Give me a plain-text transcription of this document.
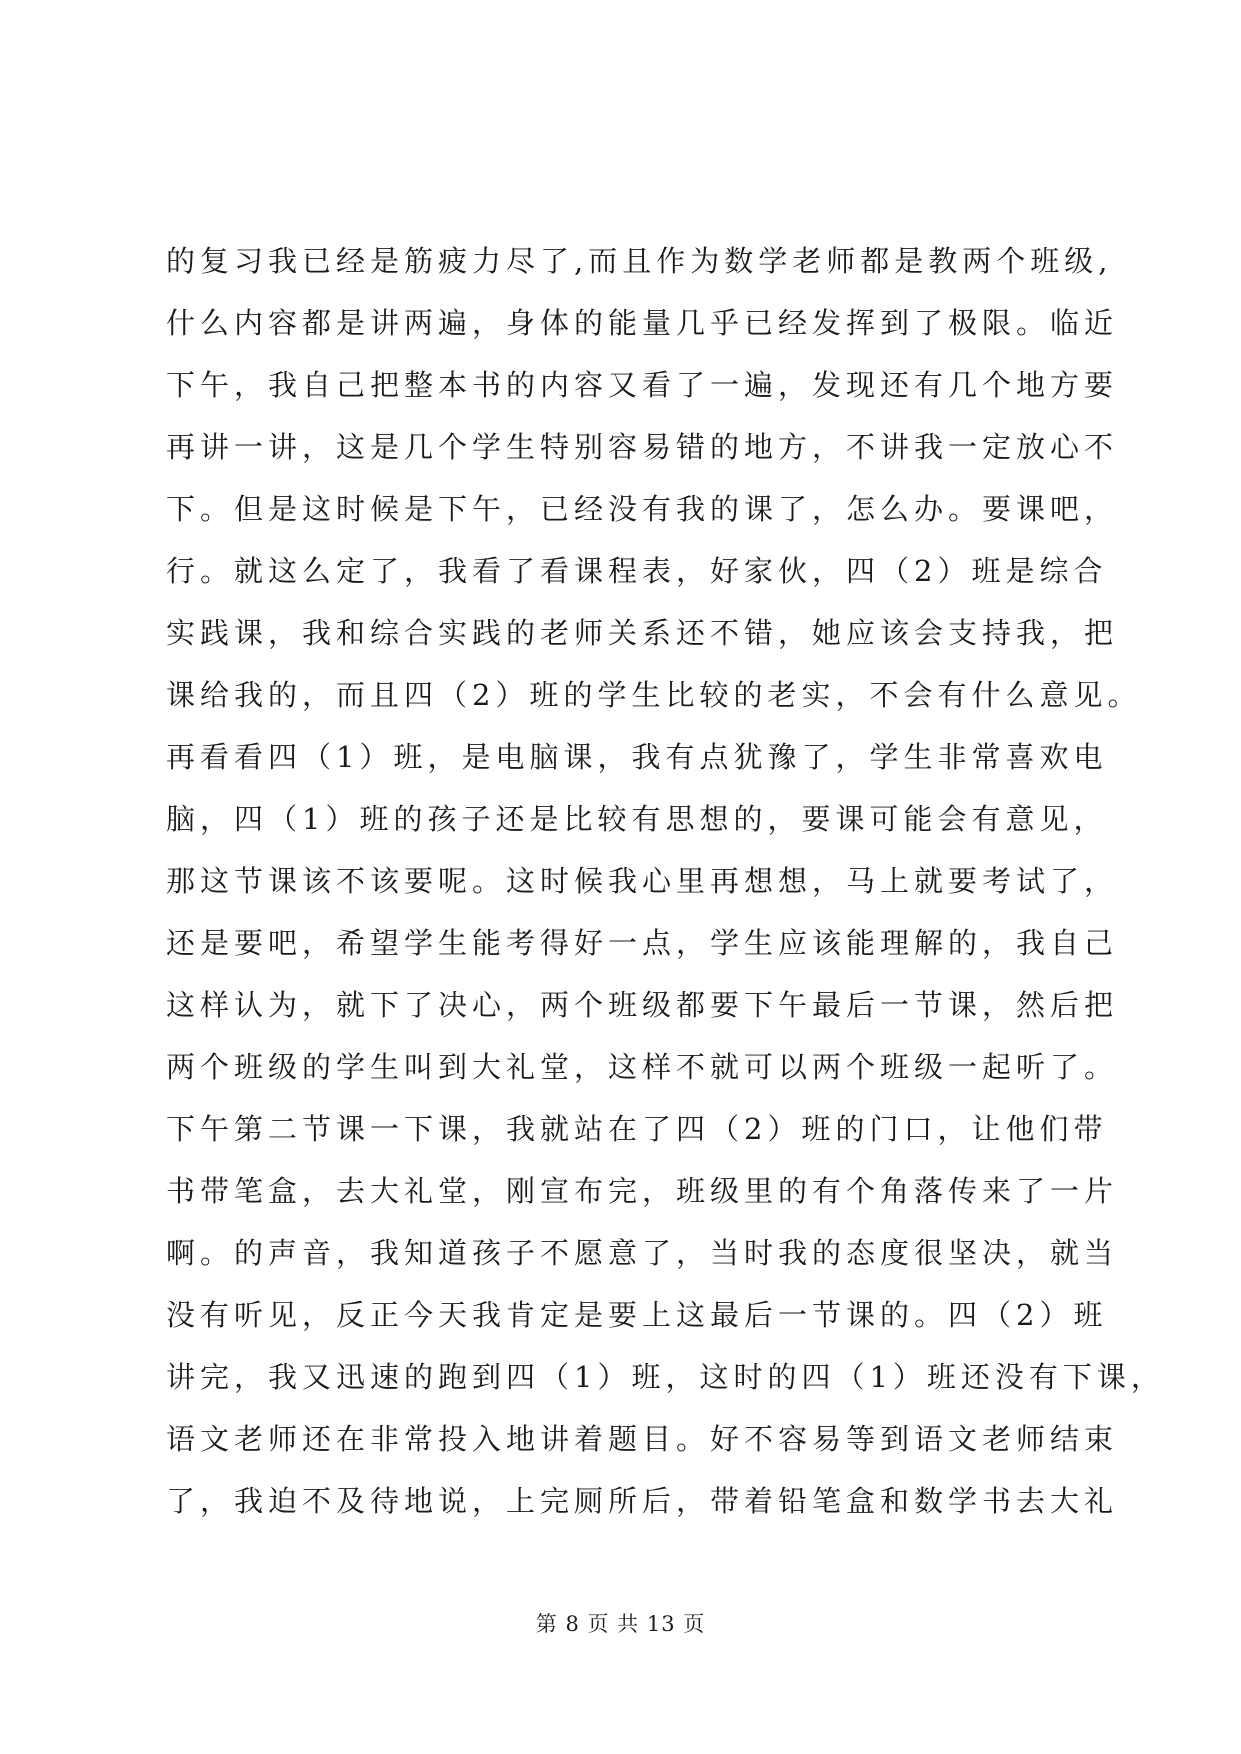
的复习我已经是筋疲力尽了,而且作为数学老师都是教两个班级,
什么内容都是讲两遍，身体的能量几乎已经发挥到了极限。临近
下午，我自己把整本书的内容又看了一遍，发现还有几个地方要
再讲一讲，这是几个学生特别容易错的地方，不讲我一定放心不
下。但是这时候是下午，已经没有我的课了，怎么办。要课吧，
行。就这么定了，我看了看课程表，好家伙，四（2）班是综合
实践课，我和综合实践的老师关系还不错，她应该会支持我，把
课给我的，而且四（2）班的学生比较的老实，不会有什么意见。
再看看四（1）班，是电脑课，我有点犹豫了，学生非常喜欢电
脑，四（1）班的孩子还是比较有思想的，要课可能会有意见，
那这节课该不该要呢。这时候我心里再想想，马上就要考试了，
还是要吧，希望学生能考得好一点，学生应该能理解的，我自己
这样认为，就下了决心，两个班级都要下午最后一节课，然后把
两个班级的学生叫到大礼堂，这样不就可以两个班级一起听了。
下午第二节课一下课，我就站在了四（2）班的门口，让他们带
书带笔盒，去大礼堂，刚宣布完，班级里的有个角落传来了一片
啊。的声音，我知道孩子不愿意了，当时我的态度很坚决，就当
没有听见，反正今天我肯定是要上这最后一节课的。四（2）班
讲完，我又迅速的跑到四（1）班，这时的四（1）班还没有下课，
语文老师还在非常投入地讲着题目。好不容易等到语文老师结束
了，我迫不及待地说，上完厕所后，带着铅笔盒和数学书去大礼
第 8 页 共 13 页
